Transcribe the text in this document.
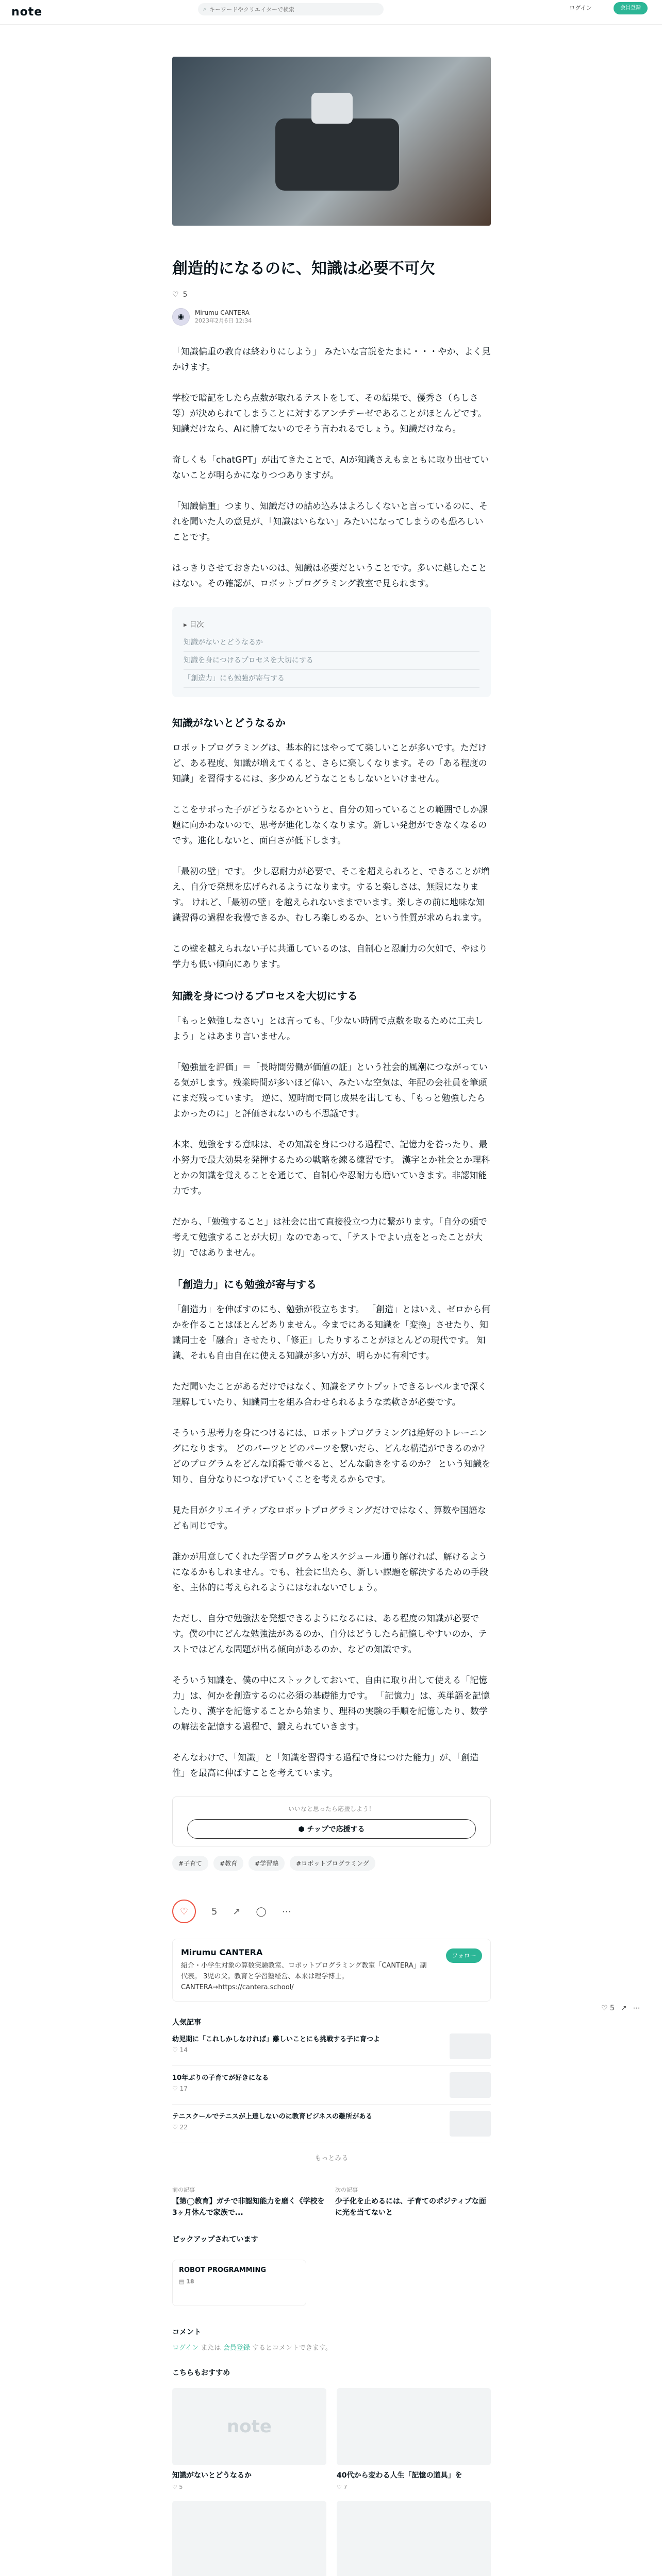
note	⌕
キーワードやクリエイターで検索	ログイン	会員登録
創造的になるのに、知識は必要不可欠
♡ 5
◉	Mirumu CANTERA
2023年2月6日 12:34

「知識偏重の教育は終わりにしよう」 みたいな言説をたまに・・・やか、よく見かけます。

学校で暗記をしたら点数が取れるテストをして、その結果で、優秀さ（らしさ等）が決められてしまうことに対するアンチテーゼであることがほとんどです。知識だけなら、AIに勝てないのでそう言われるでしょう。知識だけなら。

奇しくも「chatGPT」が出てきたことで、AIが知識さえもまともに取り出せていないことが明らかになりつつありますが。

「知識偏重」つまり、知識だけの詰め込みはよろしくないと言っているのに、それを聞いた人の意見が、「知識はいらない」みたいになってしまうのも恐ろしいことです。

はっきりさせておきたいのは、知識は必要だということです。多いに越したことはない。その確認が、ロボットプログラミング教室で見られます。

▸ 目次
知識がないとどうなるか
知識を身につけるプロセスを大切にする
「創造力」にも勉強が寄与する
知識がないとどうなるか

ロボットプログラミングは、基本的にはやってて楽しいことが多いです。ただけど、ある程度、知識が増えてくると、さらに楽しくなります。その「ある程度の知識」を習得するには、多少めんどうなこともしないといけません。

ここをサボった子がどうなるかというと、自分の知っていることの範囲でしか課題に向かわないので、思考が進化しなくなります。新しい発想ができなくなるのです。進化しないと、面白さが低下します。

「最初の壁」です。 少し忍耐力が必要で、そこを超えられると、できることが増え、自分で発想を広げられるようになります。すると楽しさは、無限になります。 けれど、「最初の壁」を越えられないままでいます。楽しさの前に地味な知識習得の過程を我慢できるか、むしろ楽しめるか、という性質が求められます。

この壁を越えられない子に共通しているのは、自制心と忍耐力の欠如で、やはり学力も低い傾向にあります。

知識を身につけるプロセスを大切にする

「もっと勉強しなさい」とは言っても、「少ない時間で点数を取るために工夫しよう」とはあまり言いません。

「勉強量を評価」＝「長時間労働が価値の証」という社会的風潮につながっている気がします。残業時間が多いほど偉い、みたいな空気は、年配の会社員を筆頭にまだ残っています。 逆に、短時間で同じ成果を出しても、「もっと勉強したらよかったのに」と評価されないのも不思議です。

本来、勉強をする意味は、その知識を身につける過程で、記憶力を養ったり、最小努力で最大効果を発揮するための戦略を練る練習です。 漢字とか社会とか理科とかの知識を覚えることを通じて、自制心や忍耐力も磨いていきます。非認知能力です。

だから、「勉強すること」は社会に出て直接役立つ力に繋がります。「自分の頭で考えて勉強することが大切」なのであって、「テストでよい点をとったことが大切」ではありません。

「創造力」にも勉強が寄与する

「創造力」を伸ばすのにも、勉強が役立ちます。 「創造」とはいえ、ゼロから何かを作ることはほとんどありません。今までにある知識を「変換」させたり、知識同士を「融合」させたり、「修正」したりすることがほとんどの現代です。 知識、それも自由自在に使える知識が多い方が、明らかに有利です。

ただ聞いたことがあるだけではなく、知識をアウトプットできるレベルまで深く理解していたり、知識同士を組み合わせられるような柔軟さが必要です。

そういう思考力を身につけるには、ロボットプログラミングは絶好のトレーニングになります。 どのパーツとどのパーツを繋いだら、どんな構造ができるのか？ どのプログラムをどんな順番で並べると、どんな動きをするのか？ という知識を知り、自分なりにつなげていくことを考えるからです。

見た目がクリエイティブなロボットプログラミングだけではなく、算数や国語なども同じです。

誰かが用意してくれた学習プログラムをスケジュール通り解ければ、解けるようになるかもしれません。でも、社会に出たら、新しい課題を解決するための手段を、主体的に考えられるようにはなれないでしょう。

ただし、自分で勉強法を発想できるようになるには、ある程度の知識が必要です。僕の中にどんな勉強法があるのか、自分はどうしたら記憶しやすいのか、テストではどんな問題が出る傾向があるのか、などの知識です。

そういう知識を、僕の中にストックしておいて、自由に取り出して使える「記憶力」は、何かを創造するのに必須の基礎能力です。 「記憶力」は、英単語を記憶したり、漢字を記憶することから始まり、理科の実験の手順を記憶したり、数学の解法を記憶する過程で、鍛えられていきます。

そんなわけで、「知識」と「知識を習得する過程で身につけた能力」が、「創造性」を最高に伸ばすことを考えています。

いいなと思ったら応援しよう！
⬢ チップで応援する
#子育て	#教育	#学習塾	#ロボットプログラミング
♡ 5 ↗ ◯ ⋯
Mirumu CANTERA
紹介・小学生対象の算数実験教室、ロボットプログラミング教室「CANTERA」副代表。 3児の父。教育と学習塾経営、本来は理学博士。 CANTERA→https://cantera.school/
フォロー
人気記事
幼児期に「これしかしなければ」難しいことにも挑戦する子に育つよ
♡ 14
10年ぶりの子育てが好きになる
♡ 17
テニスクールでテニスが上達しないのに教育ビジネスの難所がある
♡ 22
もっとみる
前の記事
【第◯教育】ガチで非認知能力を磨く《学校を3ヶ月休んで家族で...
次の記事
少子化を止めるには、子育てのポジティブな面に光を当てないと
ピックアップされています
ROBOT PROGRAMMING
▤ 18
コメント
ログイン または 会員登録 するとコメントできます。
こちらもおすすめ
note
知識がないとどうなるか
♡ 5
40代から変わる人生「記憶の道具」を
♡ 7
♡ 5 ↗ ⋯
